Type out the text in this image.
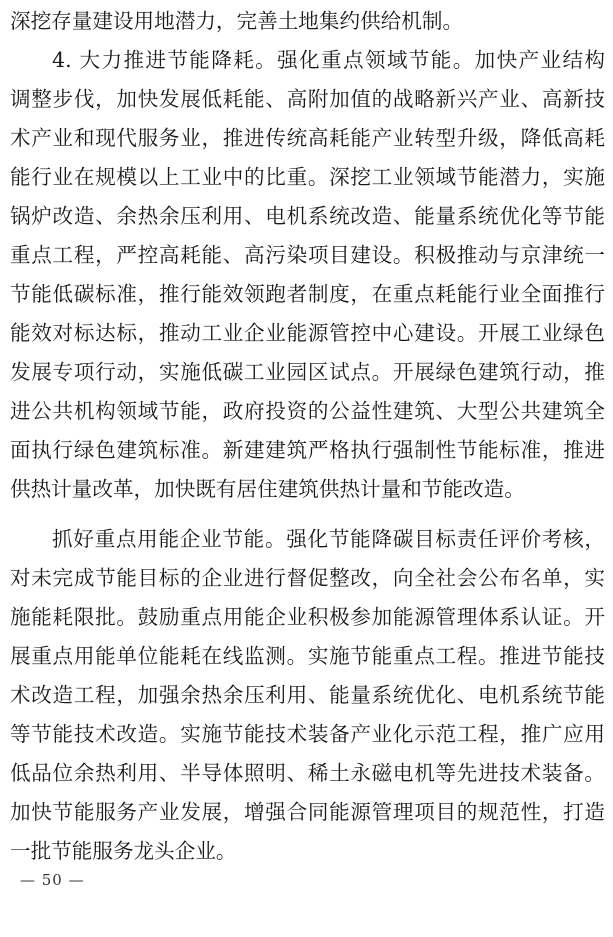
深挖存量建设用地潜力，完善土地集约供给机制。
4. 大力推进节能降耗。强化重点领域节能。加快产业结构
调整步伐，加快发展低耗能、高附加值的战略新兴产业、高新技
术产业和现代服务业，推进传统高耗能产业转型升级，降低高耗
能行业在规模以上工业中的比重。深挖工业领域节能潜力，实施
锅炉改造、余热余压利用、电机系统改造、能量系统优化等节能
重点工程，严控高耗能、高污染项目建设。积极推动与京津统一
节能低碳标准，推行能效领跑者制度，在重点耗能行业全面推行
能效对标达标，推动工业企业能源管控中心建设。开展工业绿色
发展专项行动，实施低碳工业园区试点。开展绿色建筑行动，推
进公共机构领域节能，政府投资的公益性建筑、大型公共建筑全
面执行绿色建筑标准。新建建筑严格执行强制性节能标准，推进
供热计量改革，加快既有居住建筑供热计量和节能改造。
抓好重点用能企业节能。强化节能降碳目标责任评价考核，
对未完成节能目标的企业进行督促整改，向全社会公布名单，实
施能耗限批。鼓励重点用能企业积极参加能源管理体系认证。开
展重点用能单位能耗在线监测。实施节能重点工程。推进节能技
术改造工程，加强余热余压利用、能量系统优化、电机系统节能
等节能技术改造。实施节能技术装备产业化示范工程，推广应用
低品位余热利用、半导体照明、稀土永磁电机等先进技术装备。
加快节能服务产业发展，增强合同能源管理项目的规范性，打造
一批节能服务龙头企业。
— 50 —
